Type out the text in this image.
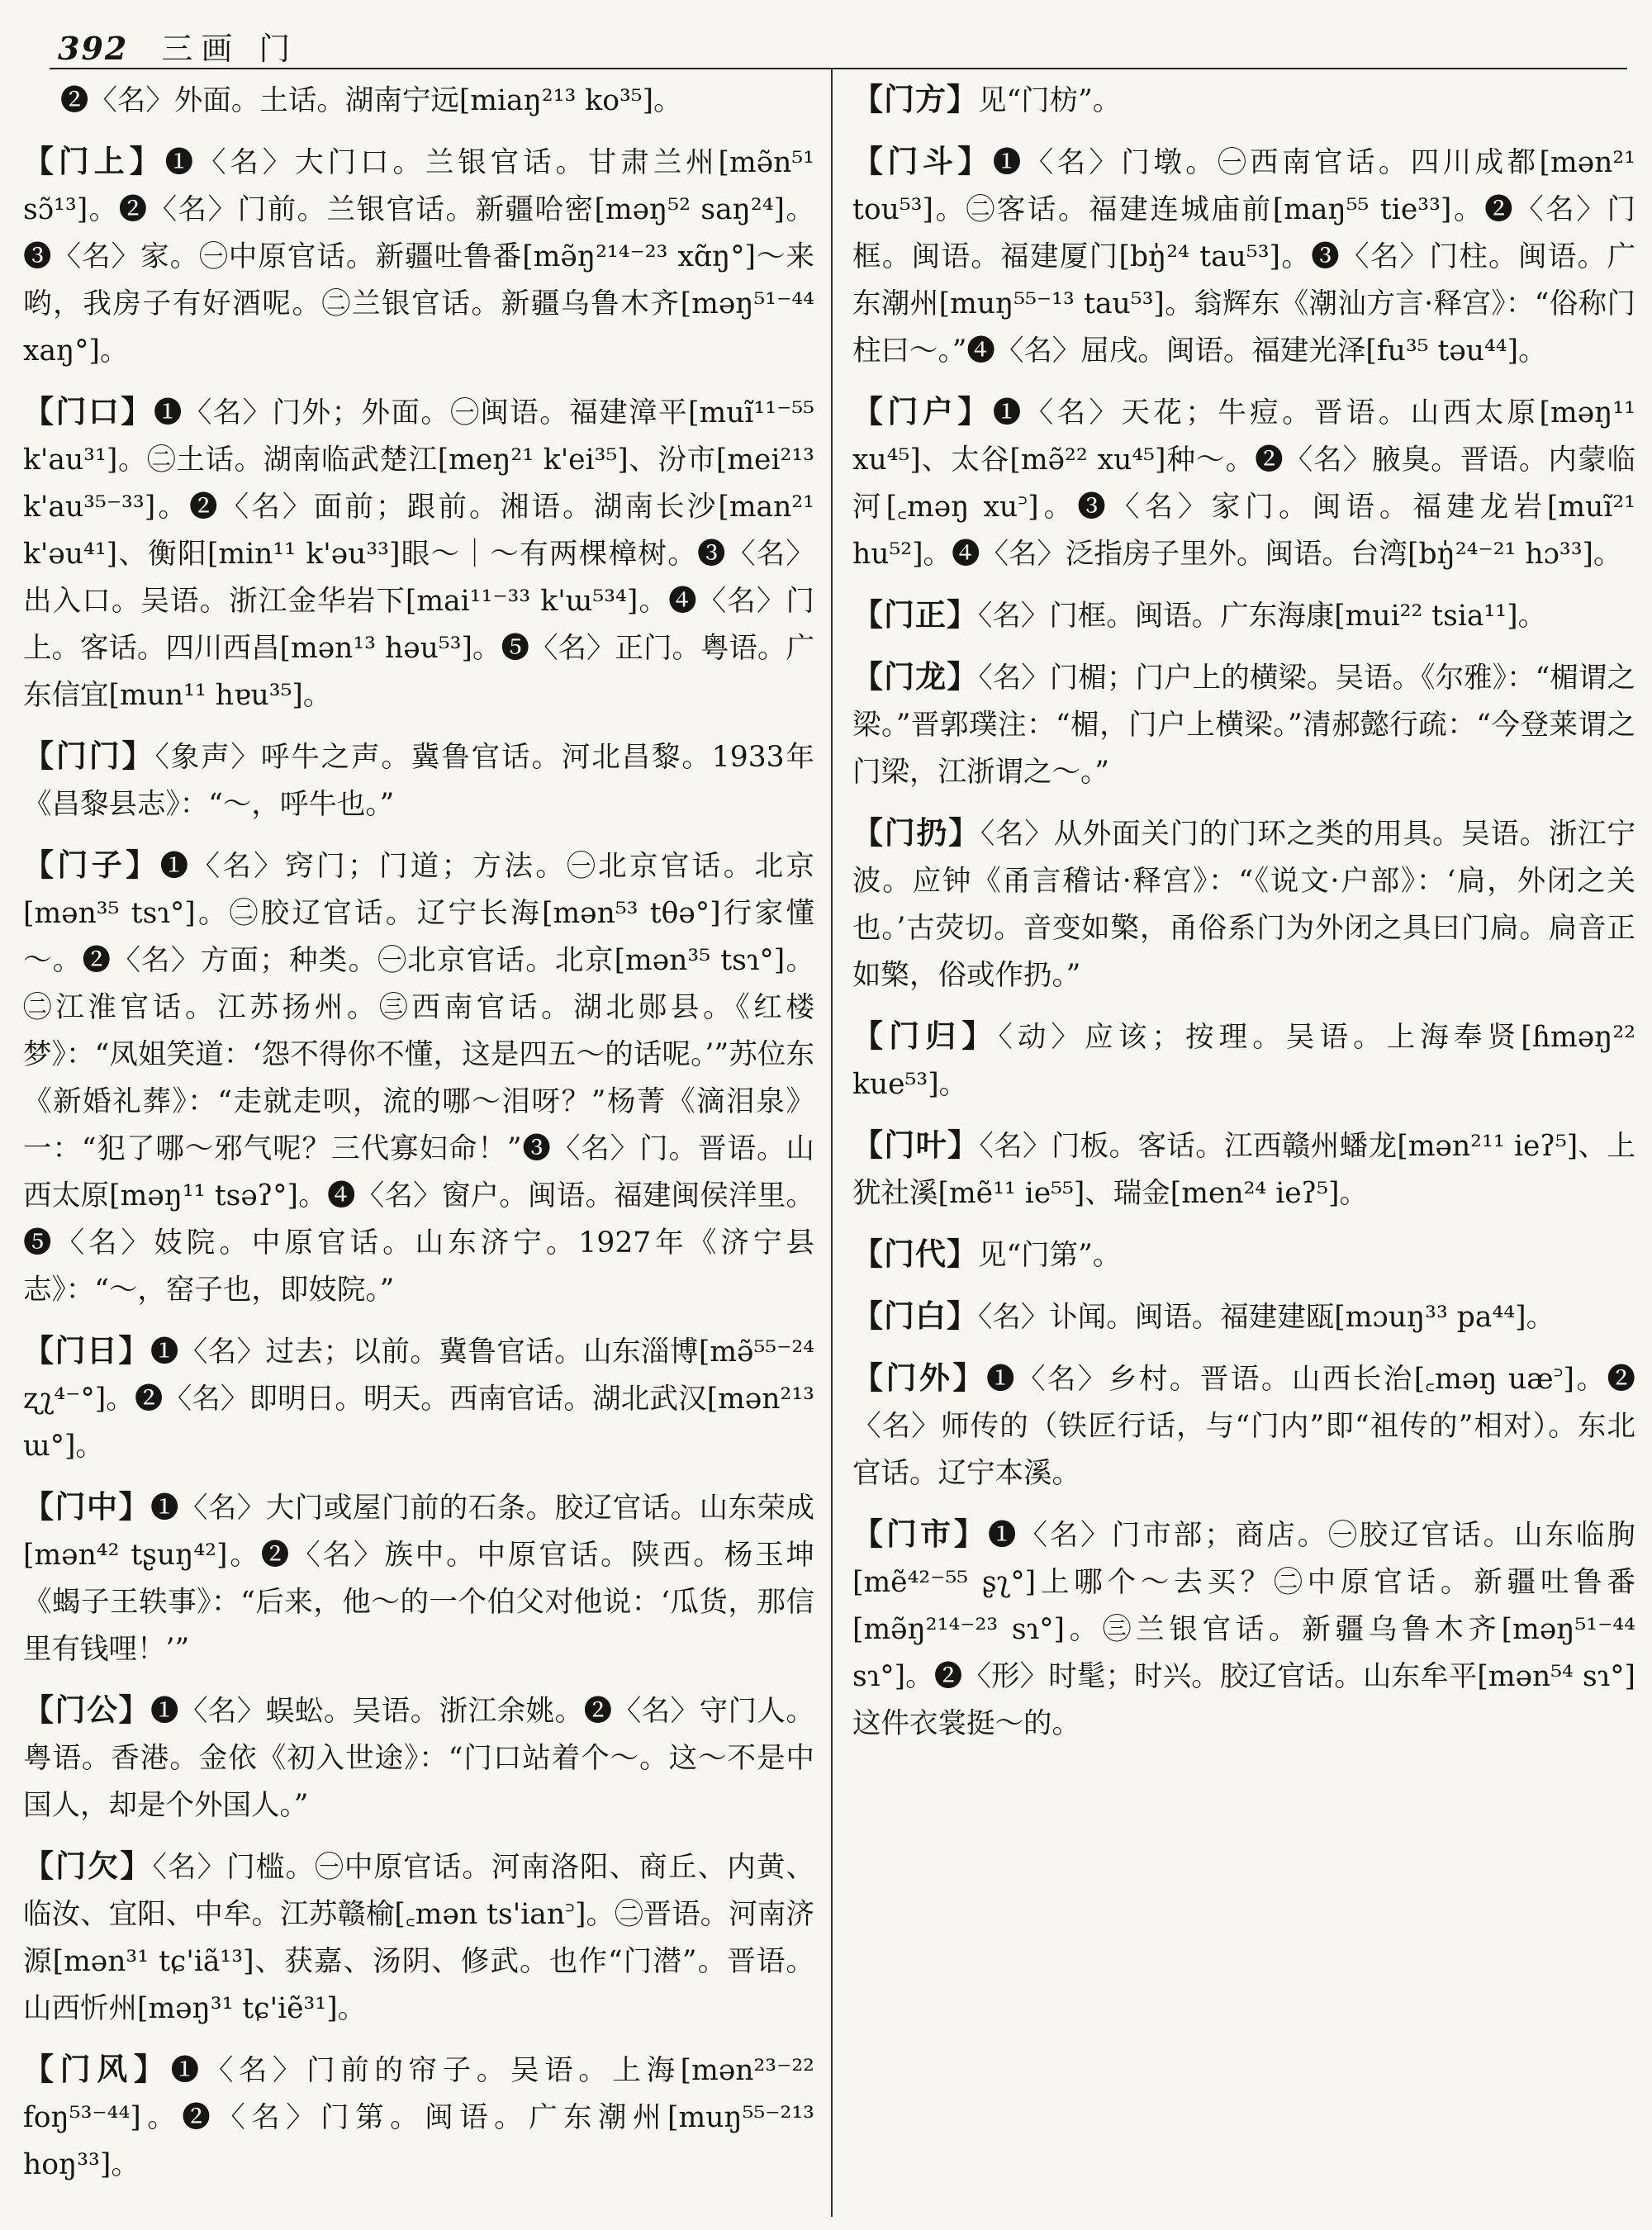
392 三画 门
❷〈名〉外面。土话。湖南宁远[miaŋ²¹³ ko³⁵]。
【门上】❶〈名〉大门口。兰银官话。甘肃兰州[mə̃n⁵¹ sɔ̃¹³]。❷〈名〉门前。兰银官话。新疆哈密[məŋ⁵² saŋ²⁴]。❸〈名〉家。㊀中原官话。新疆吐鲁番[mə̃ŋ²¹⁴⁻²³ xɑ̃ŋ°]～来哟，我房子有好酒呢。㊁兰银官话。新疆乌鲁木齐[məŋ⁵¹⁻⁴⁴ xaŋ°]。
【门口】❶〈名〉门外；外面。㊀闽语。福建漳平[muĩ¹¹⁻⁵⁵ k'au³¹]。㊁土话。湖南临武楚江[meŋ²¹ k'ei³⁵]、汾市[mei²¹³ k'au³⁵⁻³³]。❷〈名〉面前；跟前。湘语。湖南长沙[man²¹ k'əu⁴¹]、衡阳[min¹¹ k'əu³³]眼～｜～有两棵樟树。❸〈名〉出入口。吴语。浙江金华岩下[mai¹¹⁻³³ k'ɯ⁵³⁴]。❹〈名〉门上。客话。四川西昌[mən¹³ həu⁵³]。❺〈名〉正门。粤语。广东信宜[mun¹¹ hɐu³⁵]。
【门门】〈象声〉呼牛之声。冀鲁官话。河北昌黎。1933年《昌黎县志》：“～，呼牛也。”
【门子】❶〈名〉窍门；门道；方法。㊀北京官话。北京[mən³⁵ tsɿ°]。㊁胶辽官话。辽宁长海[mən⁵³ tθə°]行家懂～。❷〈名〉方面；种类。㊀北京官话。北京[mən³⁵ tsɿ°]。㊁江淮官话。江苏扬州。㊂西南官话。湖北郧县。《红楼梦》：“凤姐笑道：‘怨不得你不懂，这是四五～的话呢。’”苏位东《新婚礼葬》：“走就走呗，流的哪～泪呀？”杨菁《滴泪泉》一：“犯了哪～邪气呢？三代寡妇命！”❸〈名〉门。晋语。山西太原[məŋ¹¹ tsəʔ°]。❹〈名〉窗户。闽语。福建闽侯洋里。❺〈名〉妓院。中原官话。山东济宁。1927年《济宁县志》：“～，窑子也，即妓院。”
【门日】❶〈名〉过去；以前。冀鲁官话。山东淄博[mə̃⁵⁵⁻²⁴ ʐʅ⁴⁻°]。❷〈名〉即明日。明天。西南官话。湖北武汉[mən²¹³ ɯ°]。
【门中】❶〈名〉大门或屋门前的石条。胶辽官话。山东荣成[mən⁴² tʂuŋ⁴²]。❷〈名〉族中。中原官话。陕西。杨玉坤《蝎子王轶事》：“后来，他～的一个伯父对他说：‘瓜货，那信里有钱哩！’”
【门公】❶〈名〉蜈蚣。吴语。浙江余姚。❷〈名〉守门人。粤语。香港。金依《初入世途》：“门口站着个～。这～不是中国人，却是个外国人。”
【门欠】〈名〉门槛。㊀中原官话。河南洛阳、商丘、内黄、临汝、宜阳、中牟。江苏赣榆[꜀mən ts'ian꜄]。㊁晋语。河南济源[mən³¹ tɕ'iã¹³]、获嘉、汤阴、修武。也作“门潜”。晋语。山西忻州[məŋ³¹ tɕ'iẽ³¹]。
【门风】❶〈名〉门前的帘子。吴语。上海[mən²³⁻²² foŋ⁵³⁻⁴⁴]。❷〈名〉门第。闽语。广东潮州[muŋ⁵⁵⁻²¹³ hoŋ³³]。
【门方】见“门枋”。
【门斗】❶〈名〉门墩。㊀西南官话。四川成都[mən²¹ tou⁵³]。㊁客话。福建连城庙前[maŋ⁵⁵ tie³³]。❷〈名〉门框。闽语。福建厦门[bŋ̍²⁴ tau⁵³]。❸〈名〉门柱。闽语。广东潮州[muŋ⁵⁵⁻¹³ tau⁵³]。翁辉东《潮汕方言·释宫》：“俗称门柱曰～。”❹〈名〉屈戌。闽语。福建光泽[fu³⁵ təu⁴⁴]。
【门户】❶〈名〉天花；牛痘。晋语。山西太原[məŋ¹¹ xu⁴⁵]、太谷[mə̃²² xu⁴⁵]种～。❷〈名〉腋臭。晋语。内蒙临河[꜀məŋ xu꜄]。❸〈名〉家门。闽语。福建龙岩[muĩ²¹ hu⁵²]。❹〈名〉泛指房子里外。闽语。台湾[bŋ̍²⁴⁻²¹ hɔ³³]。
【门正】〈名〉门框。闽语。广东海康[mui²² tsia¹¹]。
【门龙】〈名〉门楣；门户上的横梁。吴语。《尔雅》：“楣谓之梁。”晋郭璞注：“楣，门户上横梁。”清郝懿行疏：“今登莱谓之门梁，江浙谓之～。”
【门扔】〈名〉从外面关门的门环之类的用具。吴语。浙江宁波。应钟《甬言稽诂·释宫》：“《说文·户部》：‘扃，外闭之关也。’古荧切。音变如檠，甬俗系门为外闭之具曰门扃。扃音正如檠，俗或作扔。”
【门归】〈动〉应该；按理。吴语。上海奉贤[ɦməŋ²² kue⁵³]。
【门叶】〈名〉门板。客话。江西赣州蟠龙[mən²¹¹ ieʔ⁵]、上犹社溪[mẽ¹¹ ie⁵⁵]、瑞金[men²⁴ ieʔ⁵]。
【门代】见“门第”。
【门白】〈名〉讣闻。闽语。福建建瓯[mɔuŋ³³ pa⁴⁴]。
【门外】❶〈名〉乡村。晋语。山西长治[꜀məŋ uæ꜄]。❷〈名〉师传的（铁匠行话，与“门内”即“祖传的”相对）。东北官话。辽宁本溪。
【门市】❶〈名〉门市部；商店。㊀胶辽官话。山东临朐[mẽ⁴²⁻⁵⁵ ʂʅ°]上哪个～去买？㊁中原官话。新疆吐鲁番[mə̃ŋ²¹⁴⁻²³ sɿ°]。㊂兰银官话。新疆乌鲁木齐[məŋ⁵¹⁻⁴⁴ sɿ°]。❷〈形〉时髦；时兴。胶辽官话。山东牟平[mən⁵⁴ sɿ°]这件衣裳挺～的。
